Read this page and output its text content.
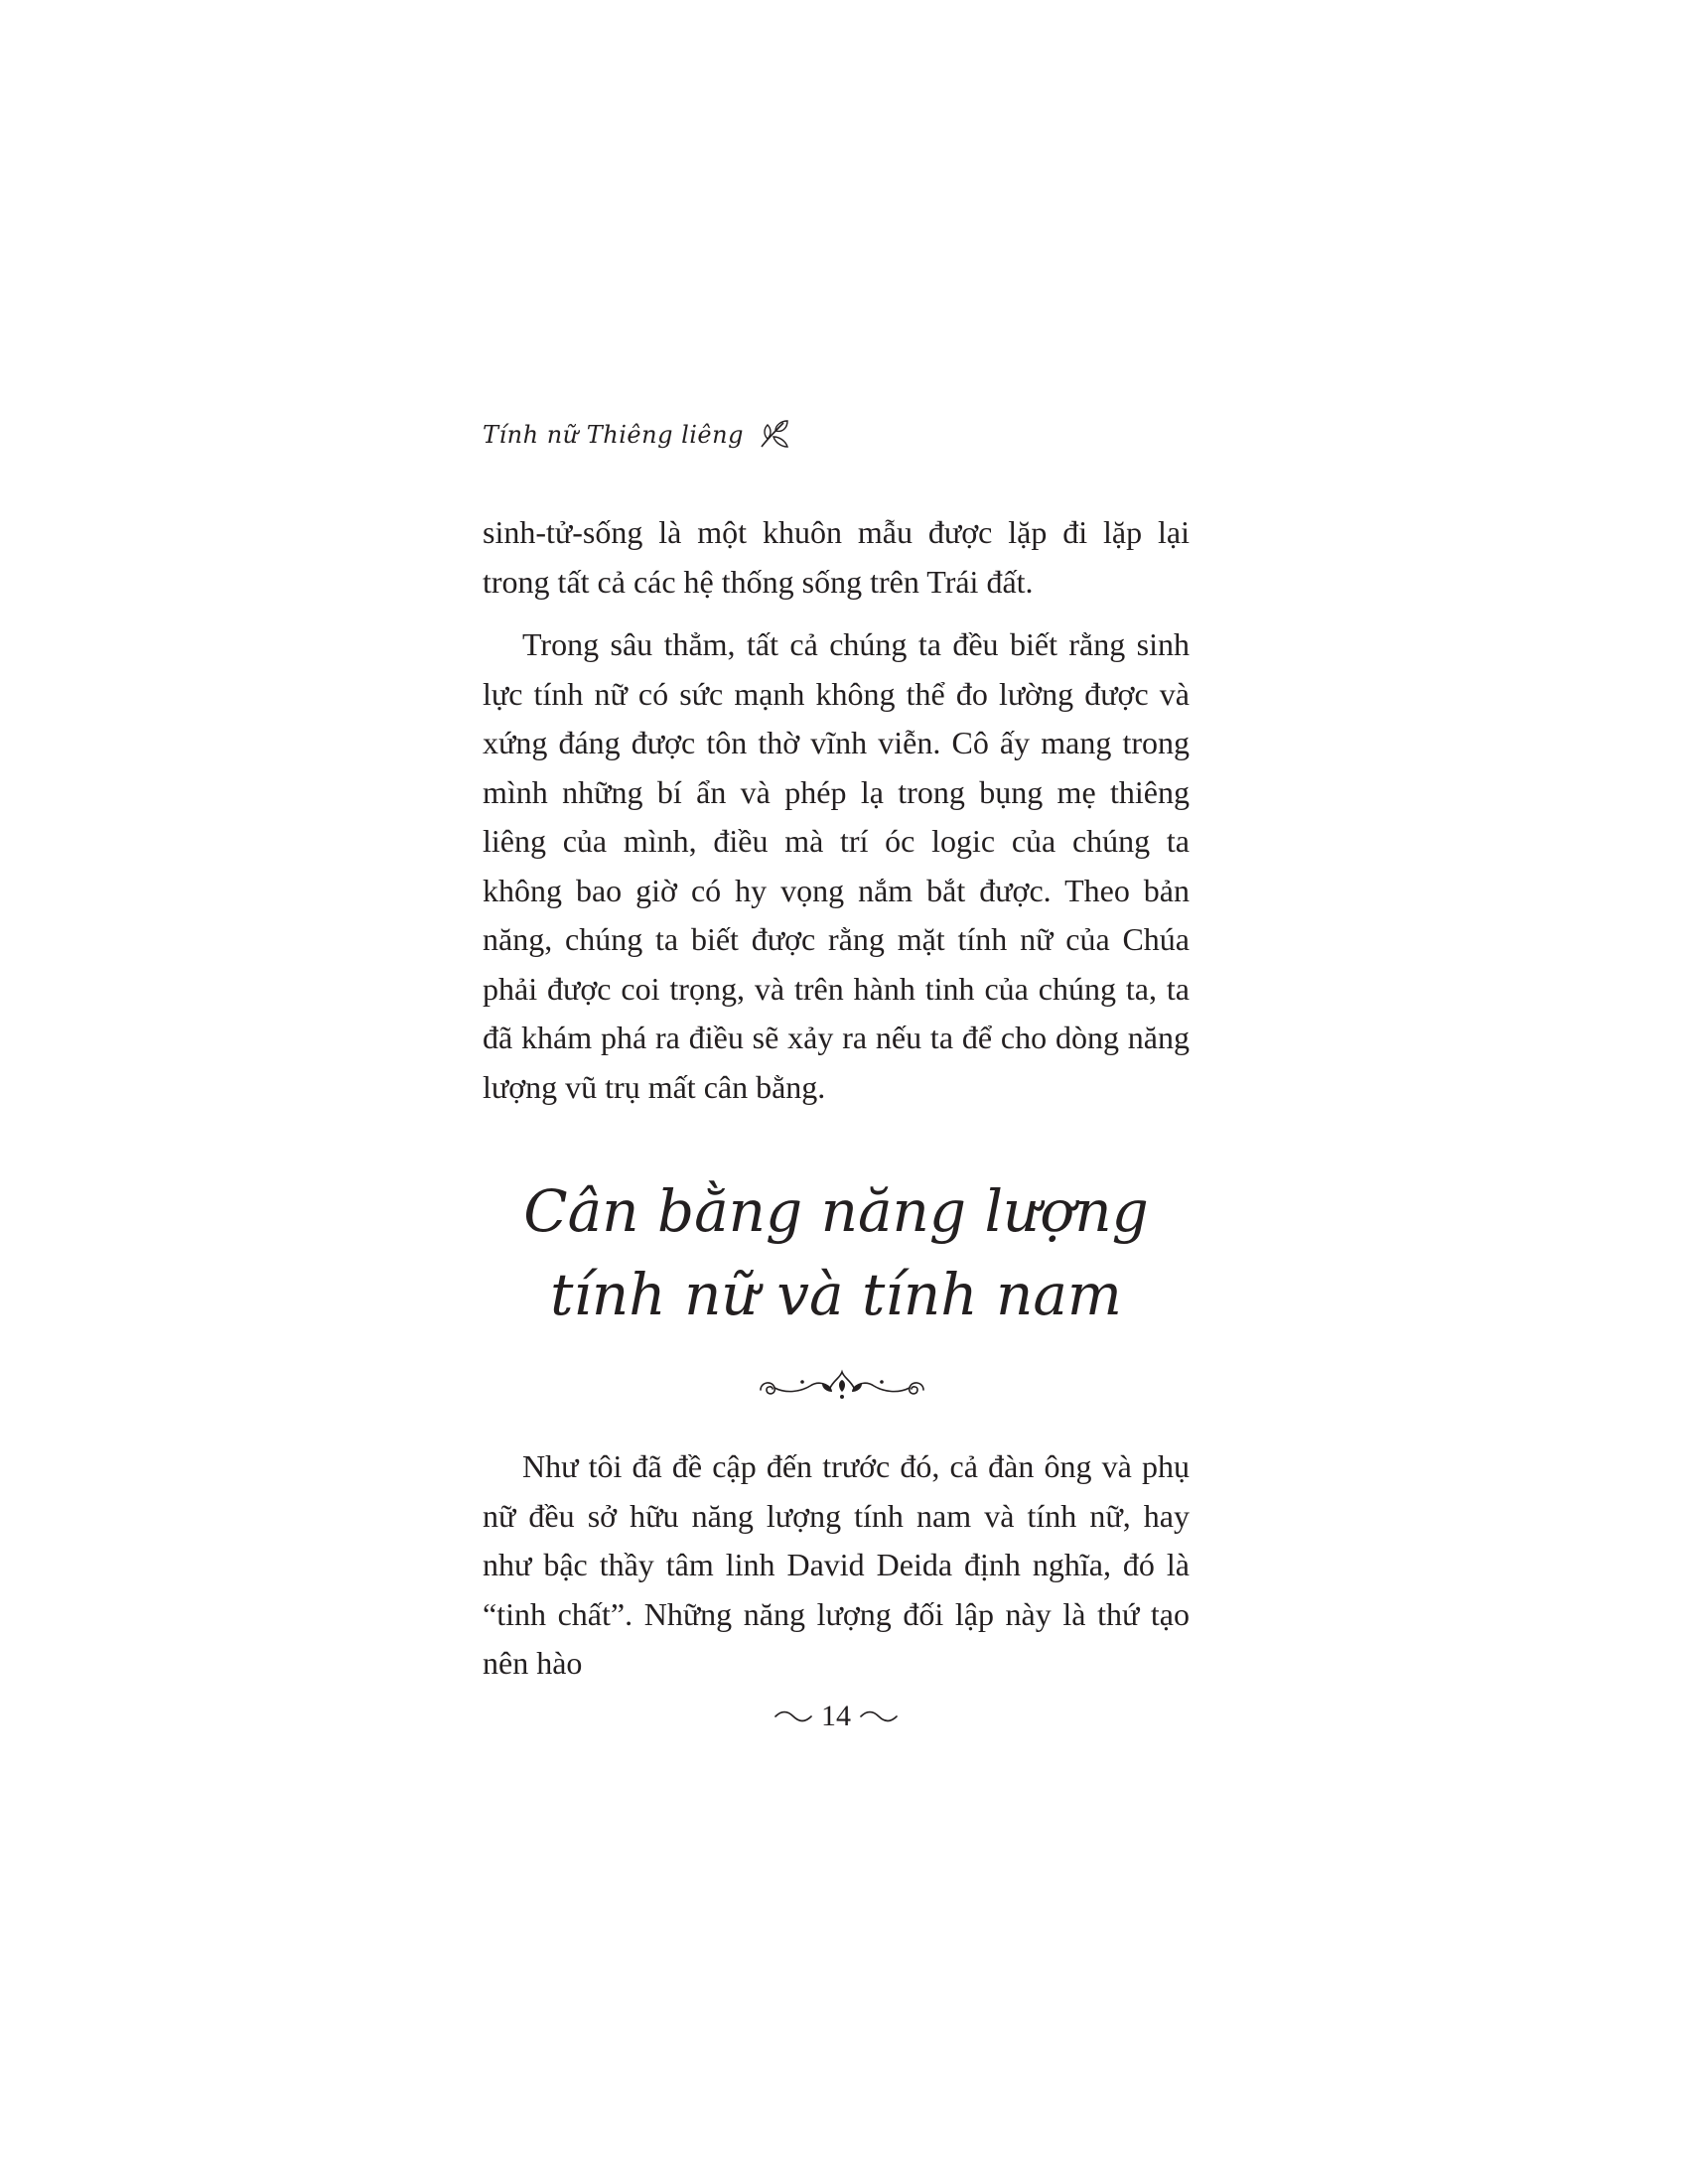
Tính nữ Thiêng liêng

sinh-tử-sống là một khuôn mẫu được lặp đi lặp lại trong tất cả các hệ thống sống trên Trái đất.

Trong sâu thẳm, tất cả chúng ta đều biết rằng sinh lực tính nữ có sức mạnh không thể đo lường được và xứng đáng được tôn thờ vĩnh viễn. Cô ấy mang trong mình những bí ẩn và phép lạ trong bụng mẹ thiêng liêng của mình, điều mà trí óc logic của chúng ta không bao giờ có hy vọng nắm bắt được. Theo bản năng, chúng ta biết được rằng mặt tính nữ của Chúa phải được coi trọng, và trên hành tinh của chúng ta, ta đã khám phá ra điều sẽ xảy ra nếu ta để cho dòng năng lượng vũ trụ mất cân bằng.

Cân bằng năng lượng
tính nữ và tính nam

Như tôi đã đề cập đến trước đó, cả đàn ông và phụ nữ đều sở hữu năng lượng tính nam và tính nữ, hay như bậc thầy tâm linh David Deida định nghĩa, đó là “tinh chất”. Những năng lượng đối lập này là thứ tạo nên hào

14
